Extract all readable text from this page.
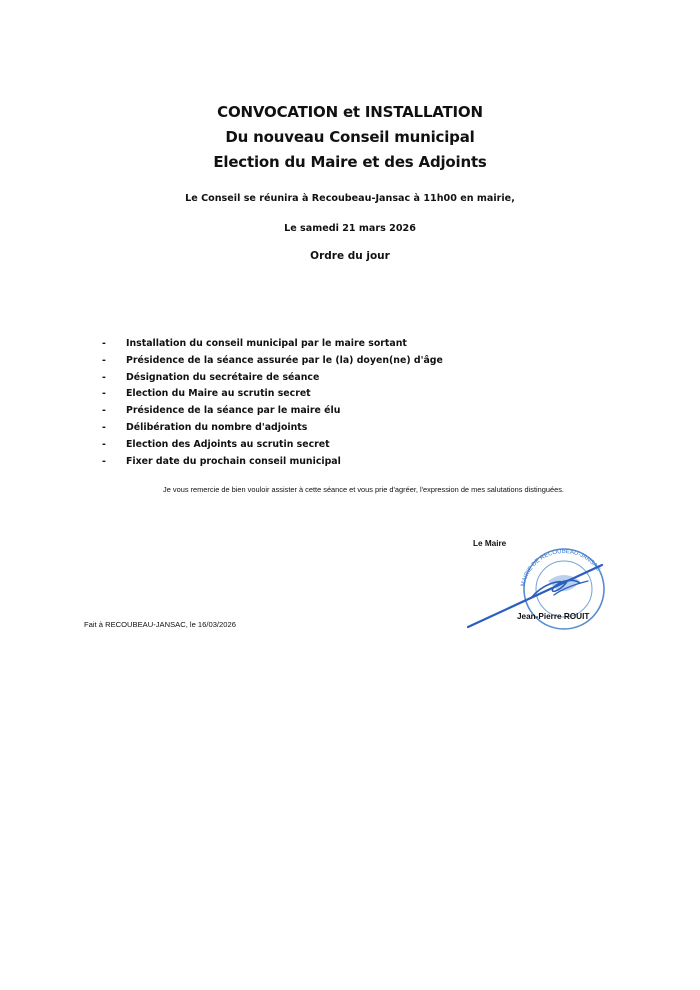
CONVOCATION et INSTALLATION
Du nouveau Conseil municipal
Election du Maire et des Adjoints
Le Conseil se réunira à Recoubeau-Jansac à 11h00 en mairie,
Le samedi 21 mars 2026
Ordre du jour
- Installation du conseil municipal par le maire sortant
- Présidence de la séance assurée par le (la) doyen(ne) d'âge
- Désignation du secrétaire de séance
- Election du Maire au scrutin secret
- Présidence de la séance par le maire élu
- Délibération du nombre d'adjoints
- Election des Adjoints au scrutin secret
- Fixer date du prochain conseil municipal
Je vous remercie de bien vouloir assister à cette séance et vous prie d'agréer, l'expression de mes salutations distinguées.
Le Maire
MAIRIE DE RECOUBEAU-JANSAC
Jean-Pierre ROUIT
Fait à RECOUBEAU-JANSAC, le 16/03/2026
